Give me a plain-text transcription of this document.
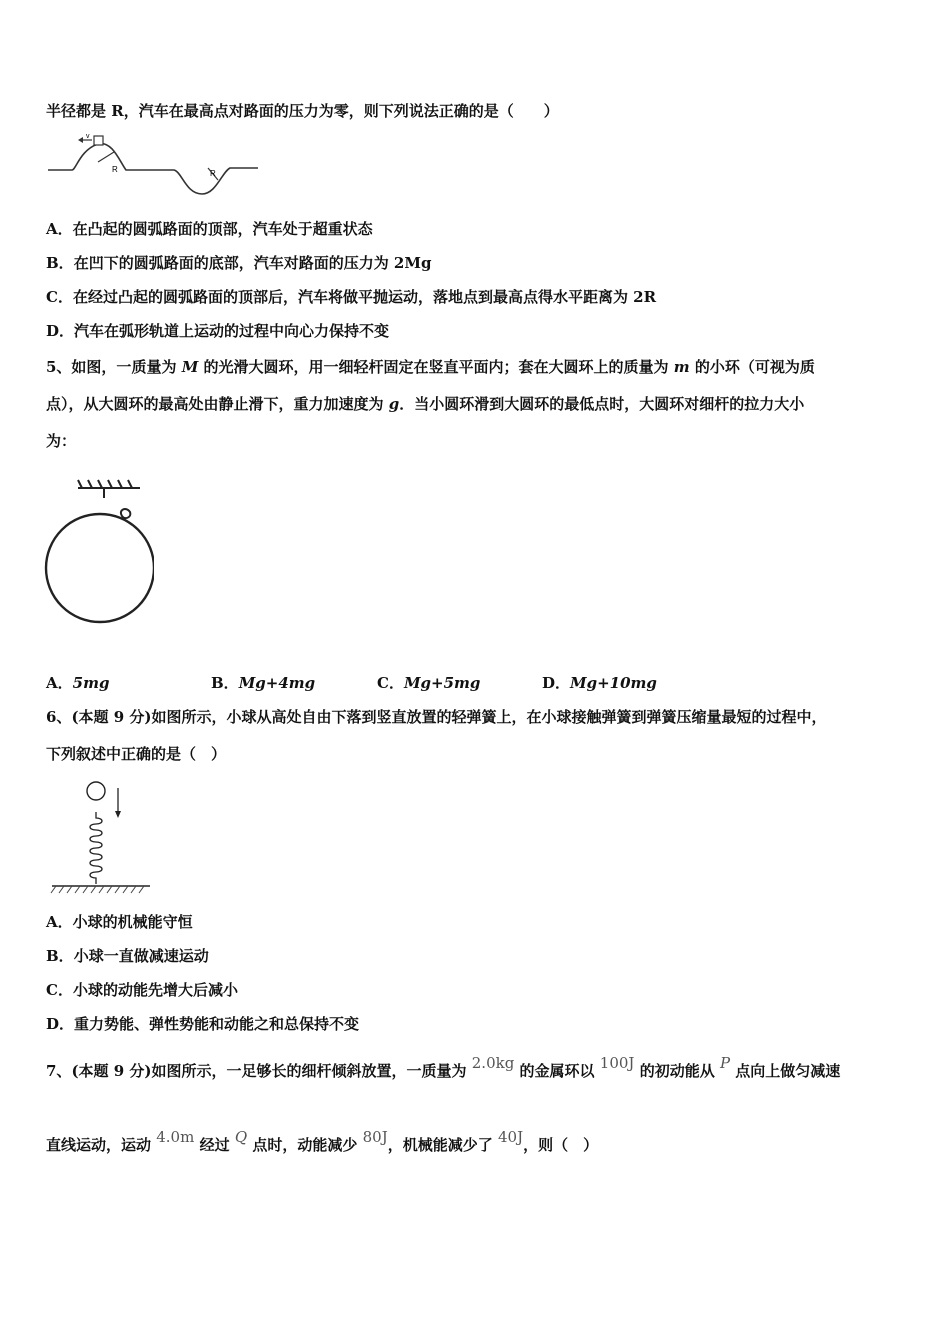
半径都是 R，汽车在最高点对路面的压力为零，则下列说法正确的是（　　）
v
R	R
A．在凸起的圆弧路面的顶部，汽车处于超重状态
B．在凹下的圆弧路面的底部，汽车对路面的压力为 2Mg
C．在经过凸起的圆弧路面的顶部后，汽车将做平抛运动，落地点到最高点得水平距离为 2R
D．汽车在弧形轨道上运动的过程中向心力保持不变
5、如图，一质量为 M 的光滑大圆环，用一细轻杆固定在竖直平面内；套在大圆环上的质量为 m 的小环（可视为质
点），从大圆环的最高处由静止滑下，重力加速度为 g．当小圆环滑到大圆环的最低点时，大圆环对细杆的拉力大小
为：
A．5mg	B．Mg+4mg	C．Mg+5mg	D．Mg+10mg
6、(本题 9 分)如图所示，小球从高处自由下落到竖直放置的轻弹簧上，在小球接触弹簧到弹簧压缩量最短的过程中，
下列叙述中正确的是（　）
A．小球的机械能守恒
B．小球一直做减速运动
C．小球的动能先增大后减小
D．重力势能、弹性势能和动能之和总保持不变
7、(本题 9 分)如图所示，一足够长的细杆倾斜放置，一质量为 2.0kg 的金属环以 100J 的初动能从 P 点向上做匀减速
直线运动，运动 4.0m 经过 Q 点时，动能减少 80J，机械能减少了 40J，则（　）
